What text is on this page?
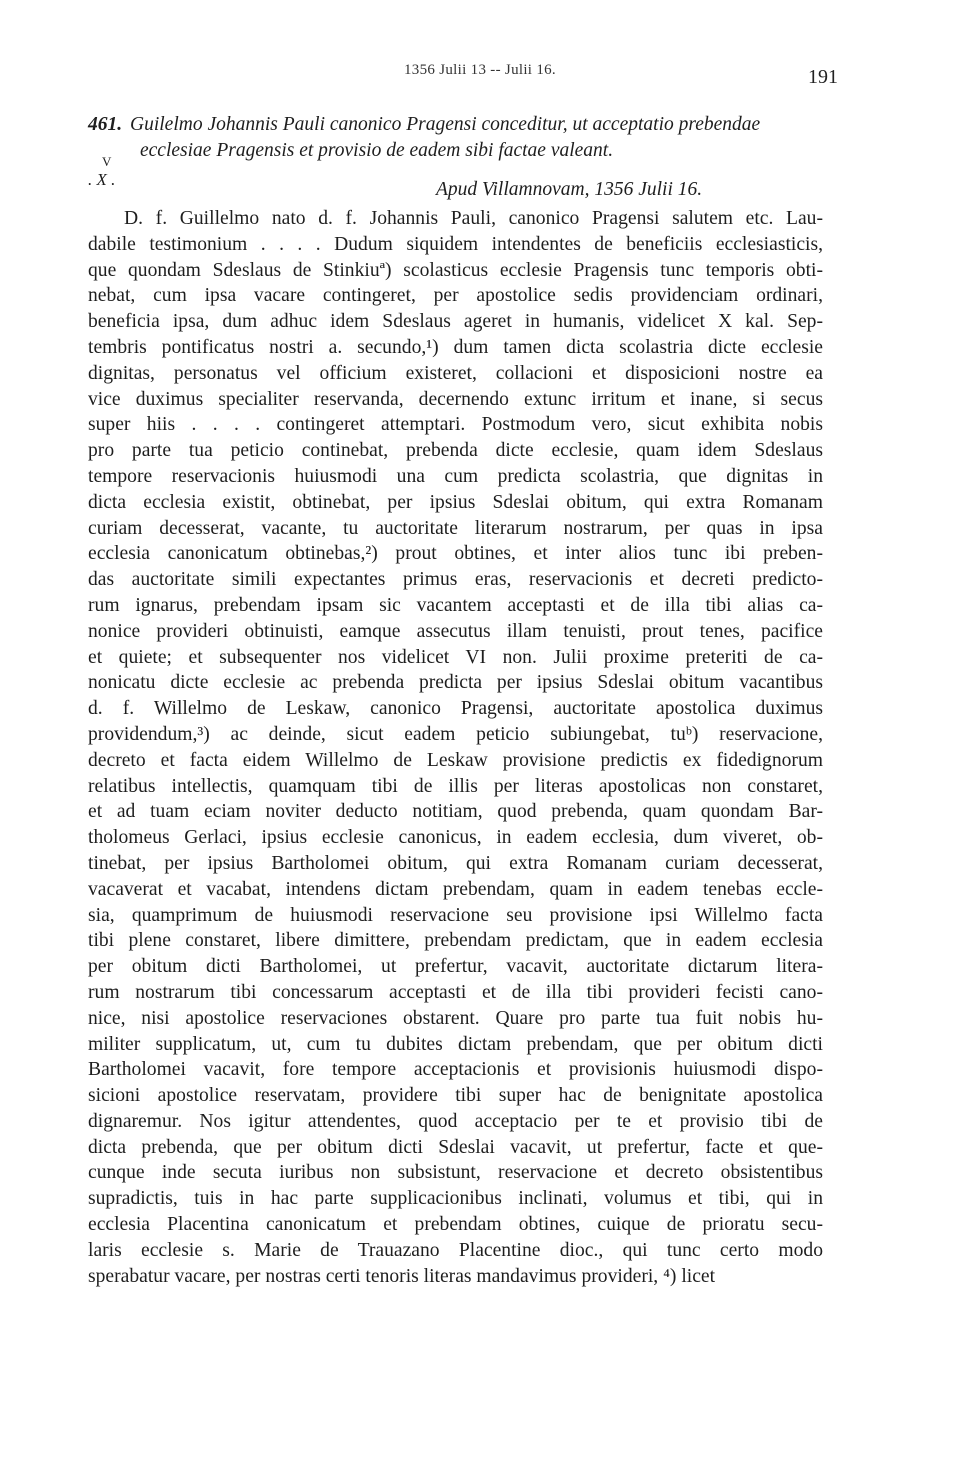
1356 Julii 13 -- Julii 16.	191
461. Guilelmo Johannis Pauli canonico Pragensi conceditur, ut acceptatio prebendae
ecclesiae Pragensis et provisio de eadem sibi factae valeant.
V
. X .	Apud Villamnovam, 1356 Julii 16.
D. f. Guillelmo nato d. f. Johannis Pauli, canonico Pragensi salutem etc. Lau-
dabile testimonium . . . . Dudum siquidem intendentes de beneficiis ecclesiasticis,
que quondam Sdeslaus de Stinkiuª) scolasticus ecclesie Pragensis tunc temporis obti-
nebat, cum ipsa vacare contingeret, per apostolice sedis providenciam ordinari,
beneficia ipsa, dum adhuc idem Sdeslaus ageret in humanis, videlicet X kal. Sep-
tembris pontificatus nostri a. secundo,¹) dum tamen dicta scolastria dicte ecclesie
dignitas, personatus vel officium existeret, collacioni et disposicioni nostre ea
vice duximus specialiter reservanda, decernendo extunc irritum et inane, si secus
super hiis . . . . contingeret attemptari. Postmodum vero, sicut exhibita nobis
pro parte tua peticio continebat, prebenda dicte ecclesie, quam idem Sdeslaus
tempore reservacionis huiusmodi una cum predicta scolastria, que dignitas in
dicta ecclesia existit, obtinebat, per ipsius Sdeslai obitum, qui extra Romanam
curiam decesserat, vacante, tu auctoritate literarum nostrarum, per quas in ipsa
ecclesia canonicatum obtinebas,²) prout obtines, et inter alios tunc ibi preben-
das auctoritate simili expectantes primus eras, reservacionis et decreti predicto-
rum ignarus, prebendam ipsam sic vacantem acceptasti et de illa tibi alias ca-
nonice provideri obtinuisti, eamque assecutus illam tenuisti, prout tenes, pacifice
et quiete; et subsequenter nos videlicet VI non. Julii proxime preteriti de ca-
nonicatu dicte ecclesie ac prebenda predicta per ipsius Sdeslai obitum vacantibus
d. f. Willelmo de Leskaw, canonico Pragensi, auctoritate apostolica duximus
providendum,³) ac deinde, sicut eadem peticio subiungebat, tuᵇ) reservacione,
decreto et facta eidem Willelmo de Leskaw provisione predictis ex fidedignorum
relatibus intellectis, quamquam tibi de illis per literas apostolicas non constaret,
et ad tuam eciam noviter deducto notitiam, quod prebenda, quam quondam Bar-
tholomeus Gerlaci, ipsius ecclesie canonicus, in eadem ecclesia, dum viveret, ob-
tinebat, per ipsius Bartholomei obitum, qui extra Romanam curiam decesserat,
vacaverat et vacabat, intendens dictam prebendam, quam in eadem tenebas eccle-
sia, quamprimum de huiusmodi reservacione seu provisione ipsi Willelmo facta
tibi plene constaret, libere dimittere, prebendam predictam, que in eadem ecclesia
per obitum dicti Bartholomei, ut prefertur, vacavit, auctoritate dictarum litera-
rum nostrarum tibi concessarum acceptasti et de illa tibi provideri fecisti cano-
nice, nisi apostolice reservaciones obstarent. Quare pro parte tua fuit nobis hu-
militer supplicatum, ut, cum tu dubites dictam prebendam, que per obitum dicti
Bartholomei vacavit, fore tempore acceptacionis et provisionis huiusmodi dispo-
sicioni apostolice reservatam, providere tibi super hac de benignitate apostolica
dignaremur. Nos igitur attendentes, quod acceptacio per te et provisio tibi de
dicta prebenda, que per obitum dicti Sdeslai vacavit, ut prefertur, facte et que-
cunque inde secuta iuribus non subsistunt, reservacione et decreto obsistentibus
supradictis, tuis in hac parte supplicacionibus inclinati, volumus et tibi, qui in
ecclesia Placentina canonicatum et prebendam obtines, cuique de prioratu secu-
laris ecclesie s. Marie de Trauazano Placentine dioc., qui tunc certo modo
sperabatur vacare, per nostras certi tenoris literas mandavimus provideri, ⁴) licet
